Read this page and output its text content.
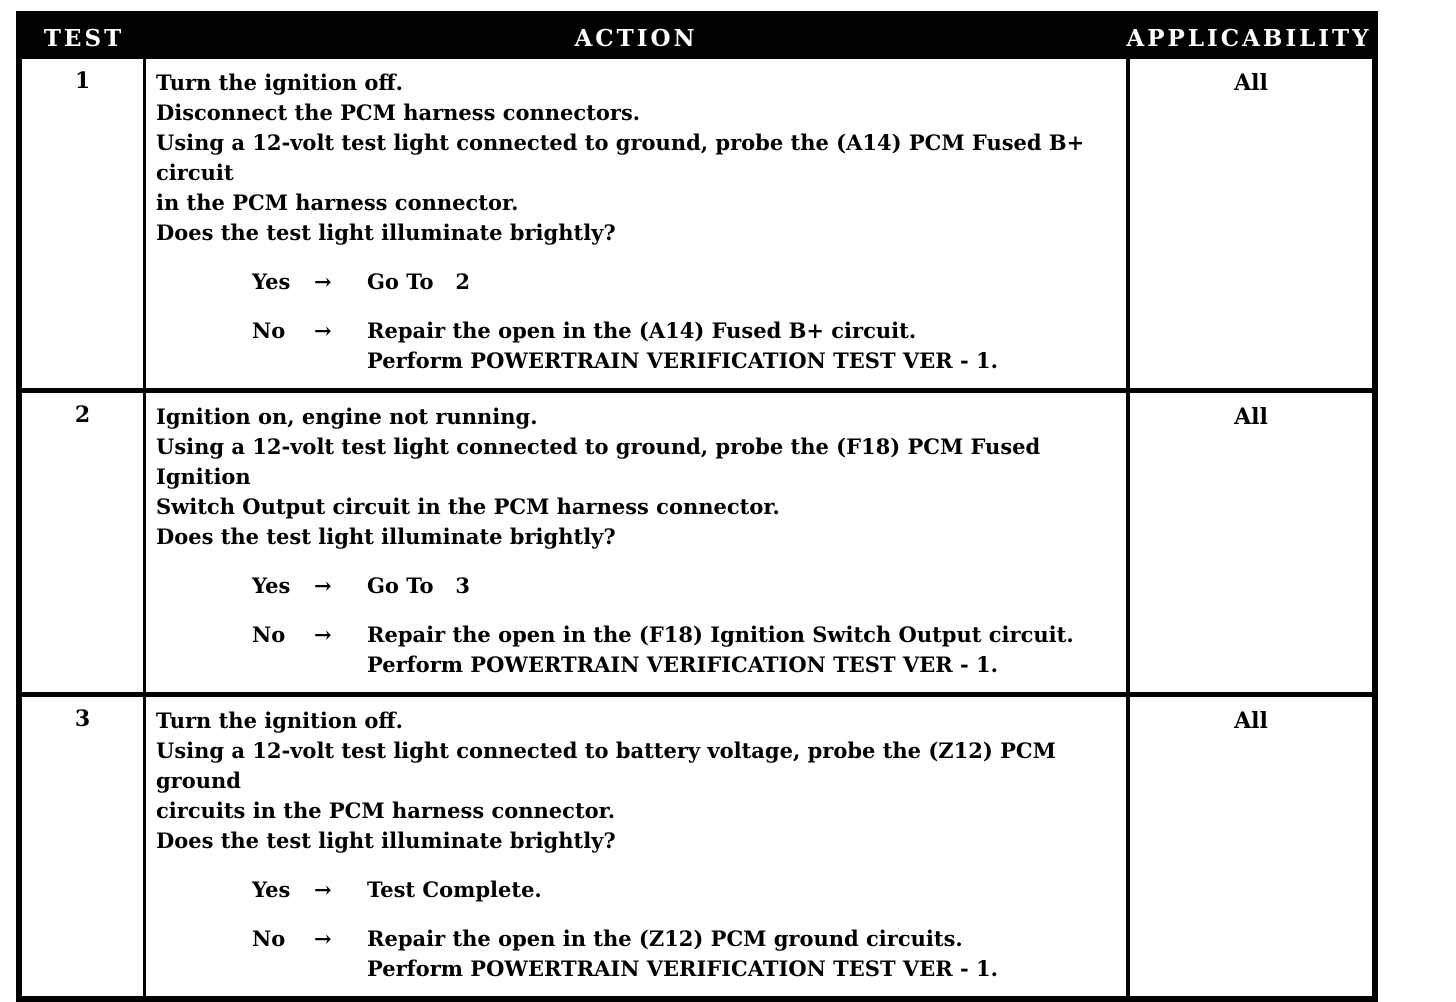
TEST	ACTION	APPLICABILITY
1	Turn the ignition off.
Disconnect the PCM harness connectors.
Using a 12-volt test light connected to ground, probe the (A14) PCM Fused B+ circuit
in the PCM harness connector.
Does the test light illuminate brightly?
Yes	→	Go To   2
No	→	Repair the open in the (A14) Fused B+ circuit.
Perform POWERTRAIN VERIFICATION TEST VER - 1.
All
2	Ignition on, engine not running.
Using a 12-volt test light connected to ground, probe the (F18) PCM Fused Ignition
Switch Output circuit in the PCM harness connector.
Does the test light illuminate brightly?
Yes	→	Go To   3
No	→	Repair the open in the (F18) Ignition Switch Output circuit.
Perform POWERTRAIN VERIFICATION TEST VER - 1.
All
3	Turn the ignition off.
Using a 12-volt test light connected to battery voltage, probe the (Z12) PCM ground
circuits in the PCM harness connector.
Does the test light illuminate brightly?
Yes	→	Test Complete.
No	→	Repair the open in the (Z12) PCM ground circuits.
Perform POWERTRAIN VERIFICATION TEST VER - 1.
All
